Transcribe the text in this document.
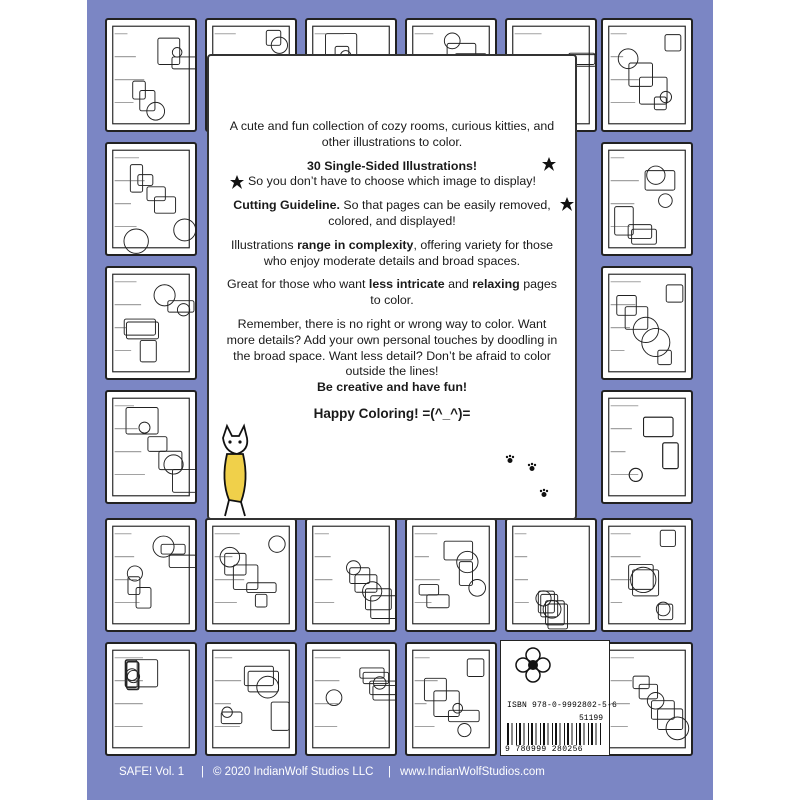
A cute and fun collection of cozy rooms, curious kitties, and other illustrations to color.

30 Single-Sided Illustrations!
So you don’t have to choose which image to display!

Cutting Guideline. So that pages can be easily removed, colored, and displayed!

Illustrations range in complexity, offering variety for those who enjoy moderate details and broad spaces.

Great for those who want less intricate and relaxing pages to color.

Remember, there is no right or wrong way to color. Want more details? Add your own personal touches by doodling in the broad space. Want less detail? Don’t be afraid to color outside the lines!
Be creative and have fun!

Happy Coloring! =(^_^)=

ISBN 978-0-9992802-5-6
51199
9 780999 280256
SAFE! Vol. 1 | © 2020 IndianWolf Studios LLC | www.IndianWolfStudios.com
